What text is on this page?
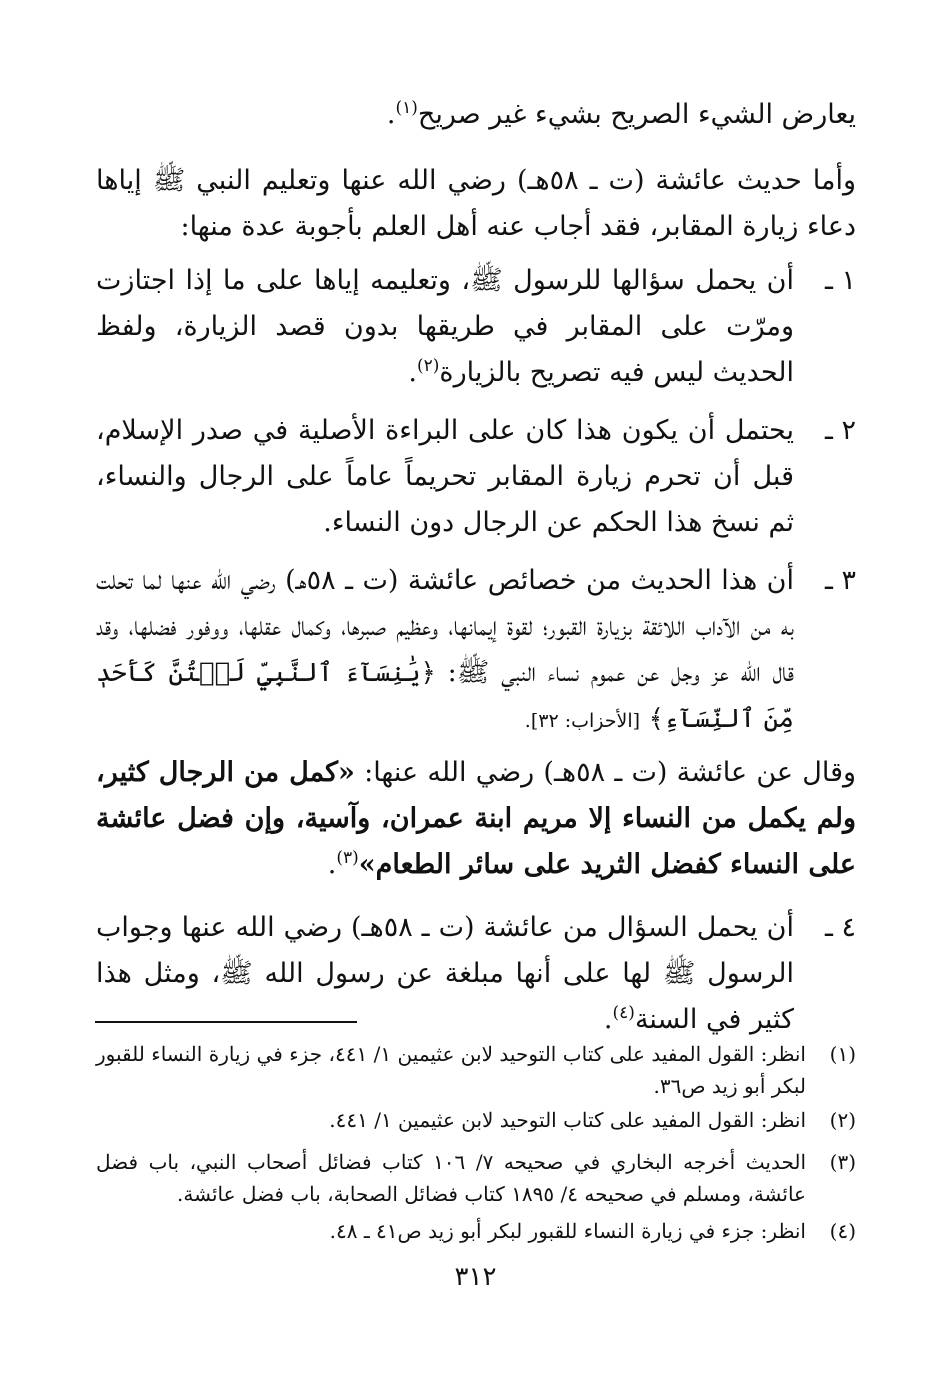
يعارض الشيء الصريح بشيء غير صريح$^{(١)}$.
وأما حديث عائشة (ت ـ ٥٨هـ) رضي الله عنها وتعليم النبي ﷺ إياها دعاء زيارة المقابر، فقد أجاب عنه أهل العلم بأجوبة عدة منها:
١ ـ
أن يحمل سؤالها للرسول ﷺ، وتعليمه إياها على ما إذا اجتازت ومرّت على المقابر في طريقها بدون قصد الزيارة، ولفظ الحديث ليس فيه تصريح بالزيارة$^{(٢)}$.
٢ ـ
يحتمل أن يكون هذا كان على البراءة الأصلية في صدر الإسلام، قبل أن تحرم زيارة المقابر تحريماً عاماً على الرجال والنساء، ثم نسخ هذا الحكم عن الرجال دون النساء.
٣ ـ
أن هذا الحديث من خصائص عائشة (ت ـ ٥٨هـ) رضي الله عنها لما تحلت به من الآداب اللائقة بزيارة القبور؛ لقوة إيمانها، وعظيم صبرها، وكمال عقلها، ووفور فضلها، وقد قال الله عز وجل عن عموم نساء النبي ﷺ: ﴿يَٰنِسَآءَ ٱلنَّبِيِّ لَسۡتُنَّ كَأَحَدٖ مِّنَ ٱلنِّسَآءِ﴾ [الأحزاب: ٣٢].
وقال عن عائشة (ت ـ ٥٨هـ) رضي الله عنها: «كمل من الرجال كثير، ولم يكمل من النساء إلا مريم ابنة عمران، وآسية، وإن فضل عائشة على النساء كفضل الثريد على سائر الطعام»$^{(٣)}$.
٤ ـ
أن يحمل السؤال من عائشة (ت ـ ٥٨هـ) رضي الله عنها وجواب الرسول ﷺ لها على أنها مبلغة عن رسول الله ﷺ، ومثل هذا كثير في السنة$^{(٤)}$.
(١)
انظر: القول المفيد على كتاب التوحيد لابن عثيمين ١/ ٤٤١، جزء في زيارة النساء للقبور لبكر أبو زيد ص٣٦.
(٢)
انظر: القول المفيد على كتاب التوحيد لابن عثيمين ١/ ٤٤١.
(٣)
الحديث أخرجه البخاري في صحيحه ٧/ ١٠٦ كتاب فضائل أصحاب النبي، باب فضل عائشة، ومسلم في صحيحه ٤/ ١٨٩٥ كتاب فضائل الصحابة، باب فضل عائشة.
(٤)
انظر: جزء في زيارة النساء للقبور لبكر أبو زيد ص٤١ ـ ٤٨.
٣١٢
